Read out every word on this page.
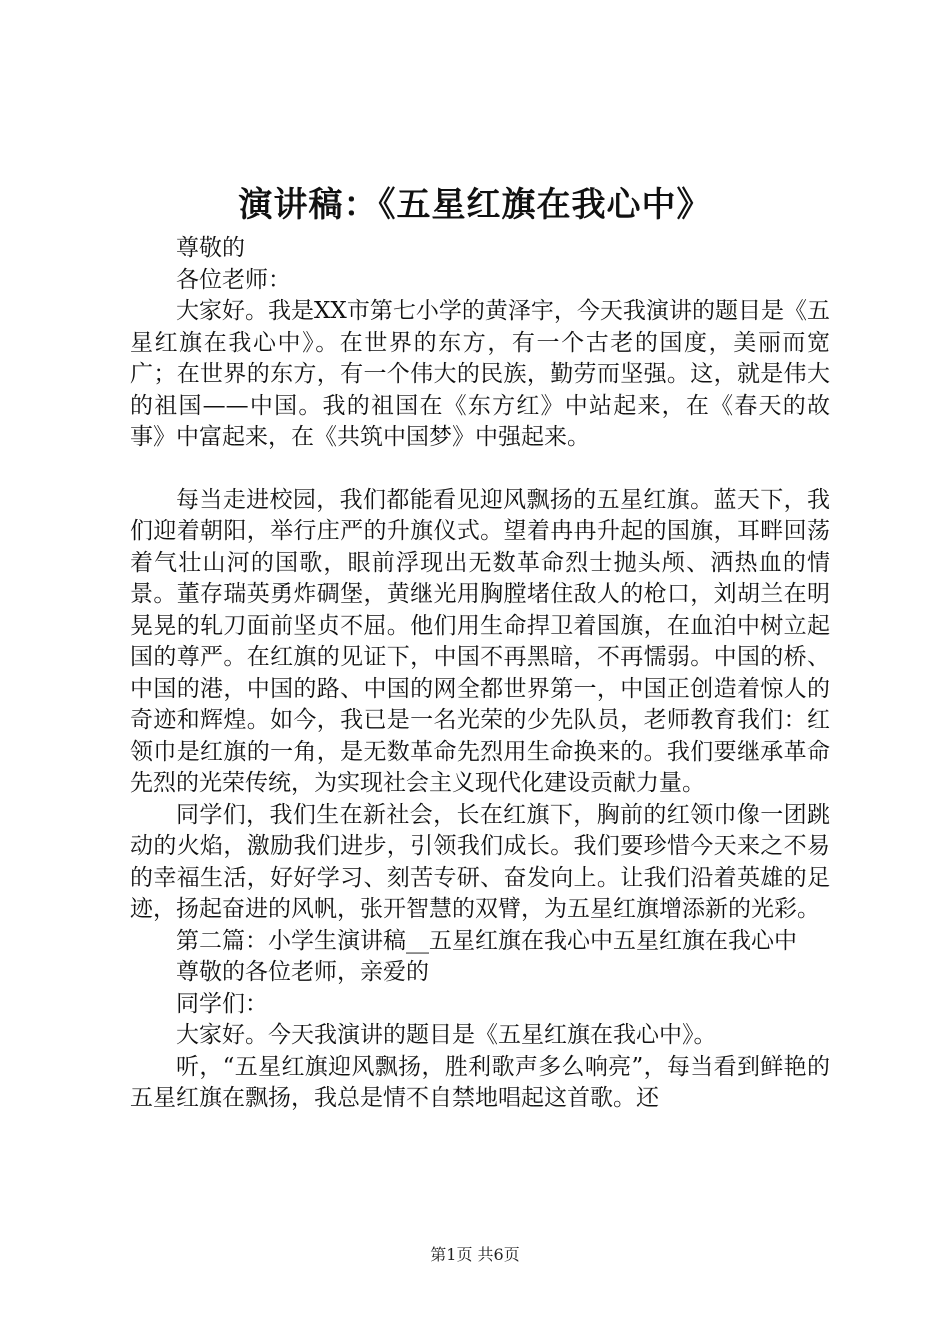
演讲稿：《五星红旗在我心中》

尊敬的

各位老师：

大家好。我是XX市第七小学的黄泽宇，今天我演讲的题目是《五星红旗在我心中》。在世界的东方，有一个古老的国度，美丽而宽广；在世界的东方，有一个伟大的民族，勤劳而坚强。这，就是伟大的祖国——中国。我的祖国在《东方红》中站起来，在《春天的故事》中富起来，在《共筑中国梦》中强起来。

每当走进校园，我们都能看见迎风飘扬的五星红旗。蓝天下，我们迎着朝阳，举行庄严的升旗仪式。望着冉冉升起的国旗，耳畔回荡着气壮山河的国歌，眼前浮现出无数革命烈士抛头颅、洒热血的情景。董存瑞英勇炸碉堡，黄继光用胸膛堵住敌人的枪口，刘胡兰在明晃晃的轧刀面前坚贞不屈。他们用生命捍卫着国旗，在血泊中树立起国的尊严。在红旗的见证下，中国不再黑暗，不再懦弱。中国的桥、中国的港，中国的路、中国的网全都世界第一，中国正创造着惊人的奇迹和辉煌。如今，我已是一名光荣的少先队员，老师教育我们：红领巾是红旗的一角，是无数革命先烈用生命换来的。我们要继承革命先烈的光荣传统，为实现社会主义现代化建设贡献力量。

同学们，我们生在新社会，长在红旗下，胸前的红领巾像一团跳动的火焰，激励我们进步，引领我们成长。我们要珍惜今天来之不易的幸福生活，好好学习、刻苦专研、奋发向上。让我们沿着英雄的足迹，扬起奋进的风帆，张开智慧的双臂，为五星红旗增添新的光彩。

第二篇：小学生演讲稿__五星红旗在我心中五星红旗在我心中

尊敬的各位老师，亲爱的

同学们：

大家好。今天我演讲的题目是《五星红旗在我心中》。

听，“五星红旗迎风飘扬，胜利歌声多么响亮”，每当看到鲜艳的五星红旗在飘扬，我总是情不自禁地唱起这首歌。还

第1页 共6页
